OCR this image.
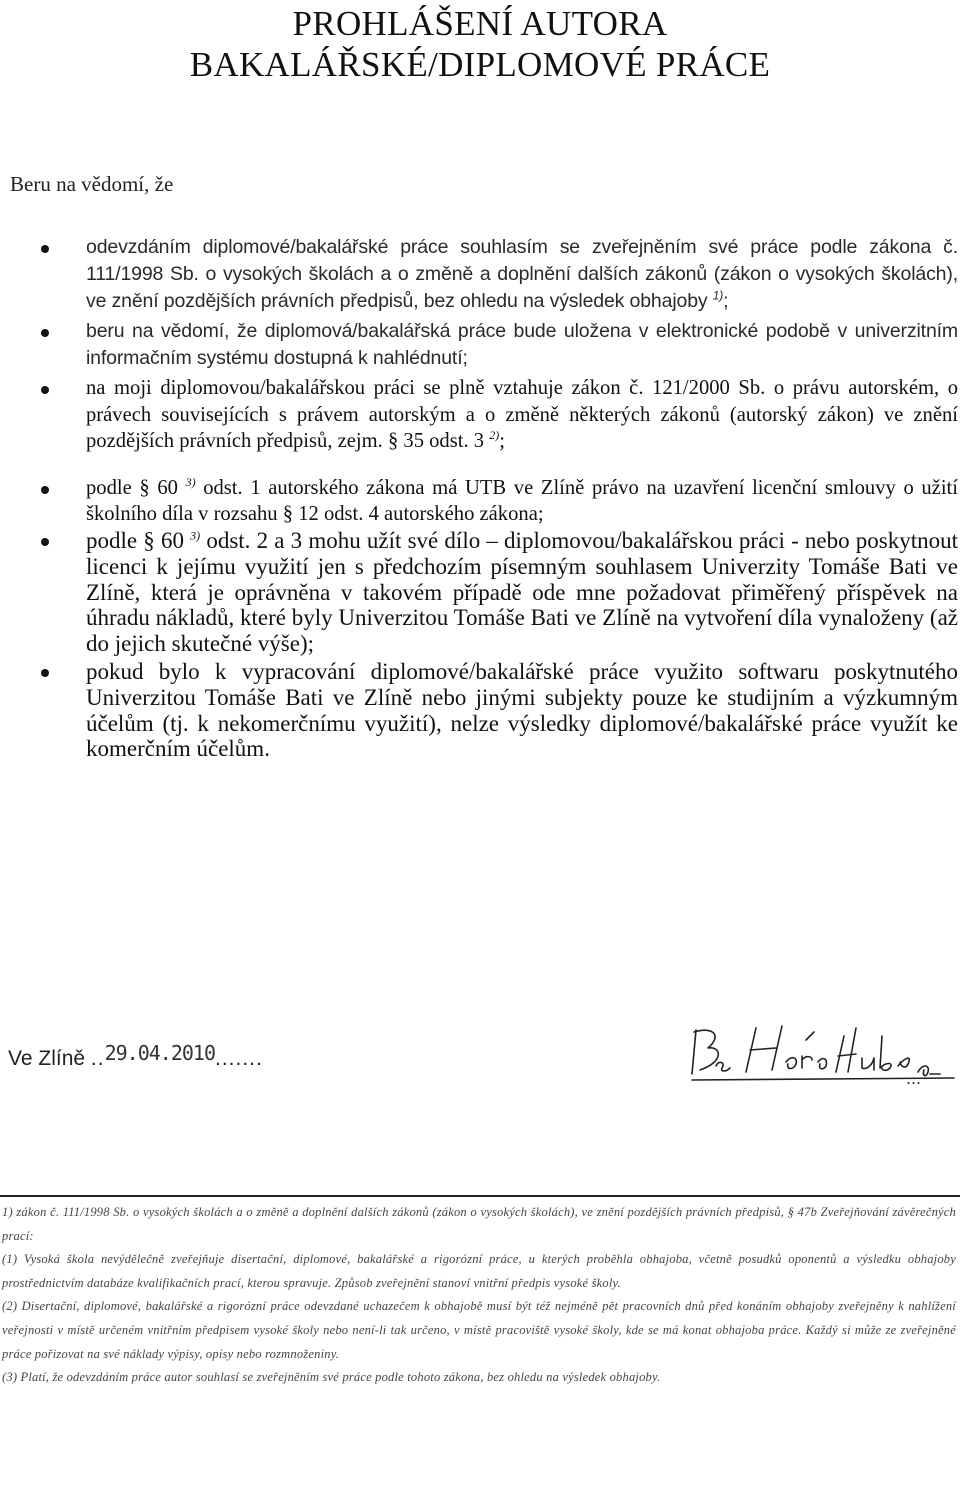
PROHLÁŠENÍ AUTORA
BAKALÁŘSKÉ/DIPLOMOVÉ PRÁCE
Beru na vědomí, že
odevzdáním diplomové/bakalářské práce souhlasím se zveřejněním své práce podle zákona č. 111/1998 Sb. o vysokých školách a o změně a doplnění dalších zákonů (zákon o vysokých školách), ve znění pozdějších právních předpisů, bez ohledu na výsledek obhajoby $^{1)}$;
beru na vědomí, že diplomová/bakalářská práce bude uložena v elektronické podobě v univerzitním informačním systému dostupná k nahlédnutí;
na moji diplomovou/bakalářskou práci se plně vztahuje zákon č. 121/2000 Sb. o právu autorském, o právech souvisejících s právem autorským a o změně některých zákonů (autorský zákon) ve znění pozdějších právních předpisů, zejm. § 35 odst. 3 $^{2)}$;
podle § 60 $^{3)}$ odst. 1 autorského zákona má UTB ve Zlíně právo na uzavření licenční smlouvy o užití školního díla v rozsahu § 12 odst. 4 autorského zákona;
podle § 60 $^{3)}$ odst. 2 a 3 mohu užít své dílo – diplomovou/bakalářskou práci - nebo poskytnout licenci k jejímu využití jen s předchozím písemným souhlasem Univerzity Tomáše Bati ve Zlíně, která je oprávněna v takovém případě ode mne požadovat přiměřený příspěvek na úhradu nákladů, které byly Univerzitou Tomáše Bati ve Zlíně na vytvoření díla vynaloženy (až do jejich skutečné výše);
pokud bylo k vypracování diplomové/bakalářské práce využito softwaru poskytnutého Univerzitou Tomáše Bati ve Zlíně nebo jinými subjekty pouze ke studijním a výzkumným účelům (tj. k nekomerčnímu využití), nelze výsledky diplomové/bakalářské práce využít ke komerčním účelům.
Ve Zlíně ..29.04.2010.......
...

1) zákon č. 111/1998 Sb. o vysokých školách a o změně a doplnění dalších zákonů (zákon o vysokých školách), ve znění pozdějších právních předpisů, § 47b Zveřejňování závěrečných prací:

(1) Vysoká škola nevýdělečně zveřejňuje disertační, diplomové, bakalářské a rigorózní práce, u kterých proběhla obhajoba, včetně posudků oponentů a výsledku obhajoby prostřednictvím databáze kvalifikačních prací, kterou spravuje. Způsob zveřejnění stanoví vnitřní předpis vysoké školy.

(2) Disertační, diplomové, bakalářské a rigorózní práce odevzdané uchazečem k obhajobě musí být též nejméně pět pracovních dnů před konáním obhajoby zveřejněny k nahlížení veřejnosti v místě určeném vnitřním předpisem vysoké školy nebo není-li tak určeno, v místě pracoviště vysoké školy, kde se má konat obhajoba práce. Každý si může ze zveřejněné práce pořizovat na své náklady výpisy, opisy nebo rozmnoženiny.

(3) Platí, že odevzdáním práce autor souhlasí se zveřejněním své práce podle tohoto zákona, bez ohledu na výsledek obhajoby.
